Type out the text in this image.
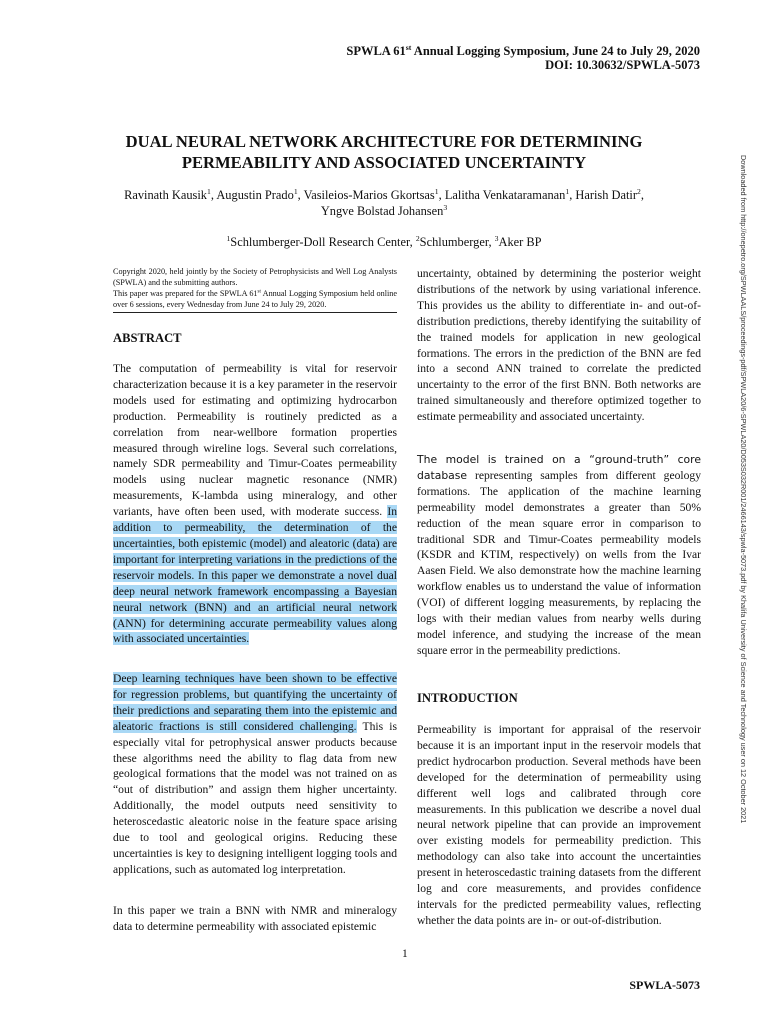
SPWLA 61st Annual Logging Symposium, June 24 to July 29, 2020
DOI: 10.30632/SPWLA-5073
DUAL NEURAL NETWORK ARCHITECTURE FOR DETERMINING
PERMEABILITY AND ASSOCIATED UNCERTAINTY
Ravinath Kausik$^1$, Augustin Prado$^1$, Vasileios-Marios Gkortsas$^1$, Lalitha Venkataramanan$^1$, Harish Datir$^2$, Yngve Bolstad Johansen$^3$
$^1$Schlumberger-Doll Research Center, $^2$Schlumberger, $^3$Aker BP
Copyright 2020, held jointly by the Society of Petrophysicists and Well Log Analysts (SPWLA) and the submitting authors.
This paper was prepared for the SPWLA 61st Annual Logging Symposium held online over 6 sessions, every Wednesday from June 24 to July 29, 2020.
ABSTRACT
The computation of permeability is vital for reservoir characterization because it is a key parameter in the reservoir models used for estimating and optimizing hydrocarbon production. Permeability is routinely predicted as a correlation from near-wellbore formation properties measured through wireline logs. Several such correlations, namely SDR permeability and Timur-Coates permeability models using nuclear magnetic resonance (NMR) measurements, K-lambda using mineralogy, and other variants, have often been used, with moderate success. In addition to permeability, the determination of the uncertainties, both epistemic (model) and aleatoric (data) are important for interpreting variations in the predictions of the reservoir models. In this paper we demonstrate a novel dual deep neural network framework encompassing a Bayesian neural network (BNN) and an artificial neural network (ANN) for determining accurate permeability values along with associated uncertainties.
Deep learning techniques have been shown to be effective for regression problems, but quantifying the uncertainty of their predictions and separating them into the epistemic and aleatoric fractions is still considered challenging. This is especially vital for petrophysical answer products because these algorithms need the ability to flag data from new geological formations that the model was not trained on as “out of distribution” and assign them higher uncertainty. Additionally, the model outputs need sensitivity to heteroscedastic aleatoric noise in the feature space arising due to tool and geological origins. Reducing these uncertainties is key to designing intelligent logging tools and applications, such as automated log interpretation.
In this paper we train a BNN with NMR and mineralogy data to determine permeability with associated epistemic
uncertainty, obtained by determining the posterior weight distributions of the network by using variational inference. This provides us the ability to differentiate in- and out-of-distribution predictions, thereby identifying the suitability of the trained models for application in new geological formations. The errors in the prediction of the BNN are fed into a second ANN trained to correlate the predicted uncertainty to the error of the first BNN. Both networks are trained simultaneously and therefore optimized together to estimate permeability and associated uncertainty.
The model is trained on a “ground-truth” core database representing samples from different geology formations. The application of the machine learning permeability model demonstrates a greater than 50% reduction of the mean square error in comparison to traditional SDR and Timur-Coates permeability models (KSDR and KTIM, respectively) on wells from the Ivar Aasen Field. We also demonstrate how the machine learning workflow enables us to understand the value of information (VOI) of different logging measurements, by replacing the logs with their median values from nearby wells during model inference, and studying the increase of the mean square error in the permeability predictions.
INTRODUCTION
Permeability is important for appraisal of the reservoir because it is an important input in the reservoir models that predict hydrocarbon production. Several methods have been developed for the determination of permeability using different well logs and calibrated through core measurements. In this publication we describe a novel dual neural network pipeline that can provide an improvement over existing models for permeability prediction. This methodology can also take into account the uncertainties present in heteroscedastic training datasets from the different log and core measurements, and provides confidence intervals for the predicted permeability values, reflecting whether the data points are in- or out-of-distribution.
1
SPWLA-5073
Downloaded from http://onepetro.org/SPWLAALS/proceedings-pdf/SPWLA20/6-SPWLA20/D053S032R001/2466143/spwla-5073.pdf by Khalifa University of Science and Technology user on 12 October 2021
